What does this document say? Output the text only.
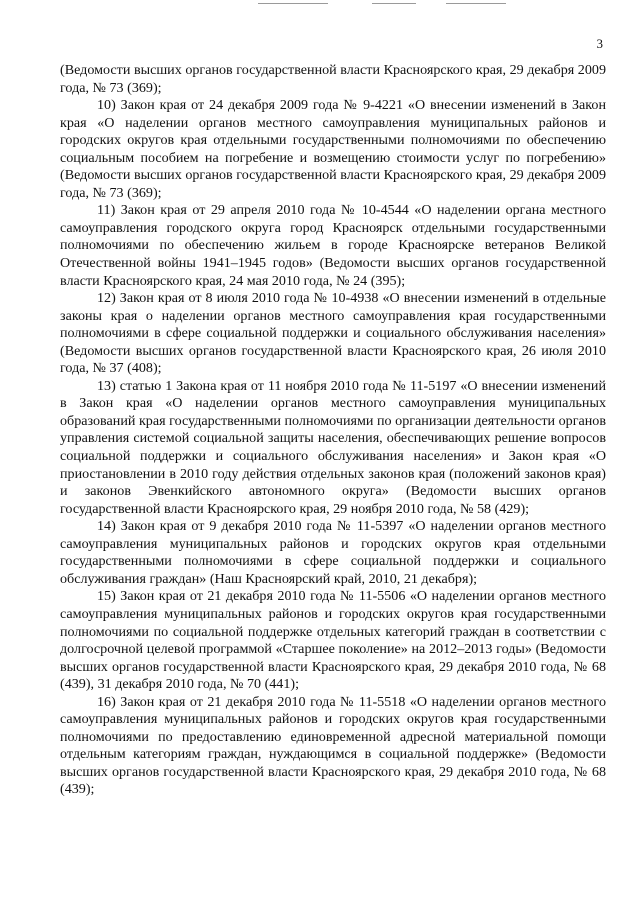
3

(Ведомости высших органов государственной власти Красноярского края, 29 декабря 2009 года, № 73 (369);

10) Закон края от 24 декабря 2009 года № 9-4221 «О внесении изменений в Закон края «О наделении органов местного самоуправления муниципальных районов и городских округов края отдельными государственными полномочиями по обеспечению социальным пособием на погребение и возмещению стоимости услуг по погребению» (Ведомости высших органов государственной власти Красноярского края, 29 декабря 2009 года, № 73 (369);

11) Закон края от 29 апреля 2010 года № 10-4544 «О наделении органа местного самоуправления городского округа город Красноярск отдельными государственными полномочиями по обеспечению жильем в городе Красноярске ветеранов Великой Отечественной войны 1941–1945 годов» (Ведомости высших органов государственной власти Красноярского края, 24 мая 2010 года, № 24 (395);

12) Закон края от 8 июля 2010 года № 10-4938 «О внесении изменений в отдельные законы края о наделении органов местного самоуправления края государственными полномочиями в сфере социальной поддержки и социального обслуживания населения» (Ведомости высших органов государственной власти Красноярского края, 26 июля 2010 года, № 37 (408);

13) статью 1 Закона края от 11 ноября 2010 года № 11-5197 «О внесении изменений в Закон края «О наделении органов местного самоуправления муниципальных образований края государственными полномочиями по организации деятельности органов управления системой социальной защиты населения, обеспечивающих решение вопросов социальной поддержки и социального обслуживания населения» и Закон края «О приостановлении в 2010 году действия отдельных законов края (положений законов края) и законов Эвенкийского автономного округа» (Ведомости высших органов государственной власти Красноярского края, 29 ноября 2010 года, № 58 (429);

14) Закон края от 9 декабря 2010 года № 11-5397 «О наделении органов местного самоуправления муниципальных районов и городских округов края отдельными государственными полномочиями в сфере социальной поддержки и социального обслуживания граждан» (Наш Красноярский край, 2010, 21 декабря);

15) Закон края от 21 декабря 2010 года № 11-5506 «О наделении органов местного самоуправления муниципальных районов и городских округов края государственными полномочиями по социальной поддержке отдельных категорий граждан в соответствии с долгосрочной целевой программой «Старшее поколение» на 2012–2013 годы» (Ведомости высших органов государственной власти Красноярского края, 29 декабря 2010 года, № 68 (439), 31 декабря 2010 года, № 70 (441);

16) Закон края от 21 декабря 2010 года № 11-5518 «О наделении органов местного самоуправления муниципальных районов и городских округов края государственными полномочиями по предоставлению единовременной адресной материальной помощи отдельным категориям граждан, нуждающимся в социальной поддержке» (Ведомости высших органов государственной власти Красноярского края, 29 декабря 2010 года, № 68 (439);
